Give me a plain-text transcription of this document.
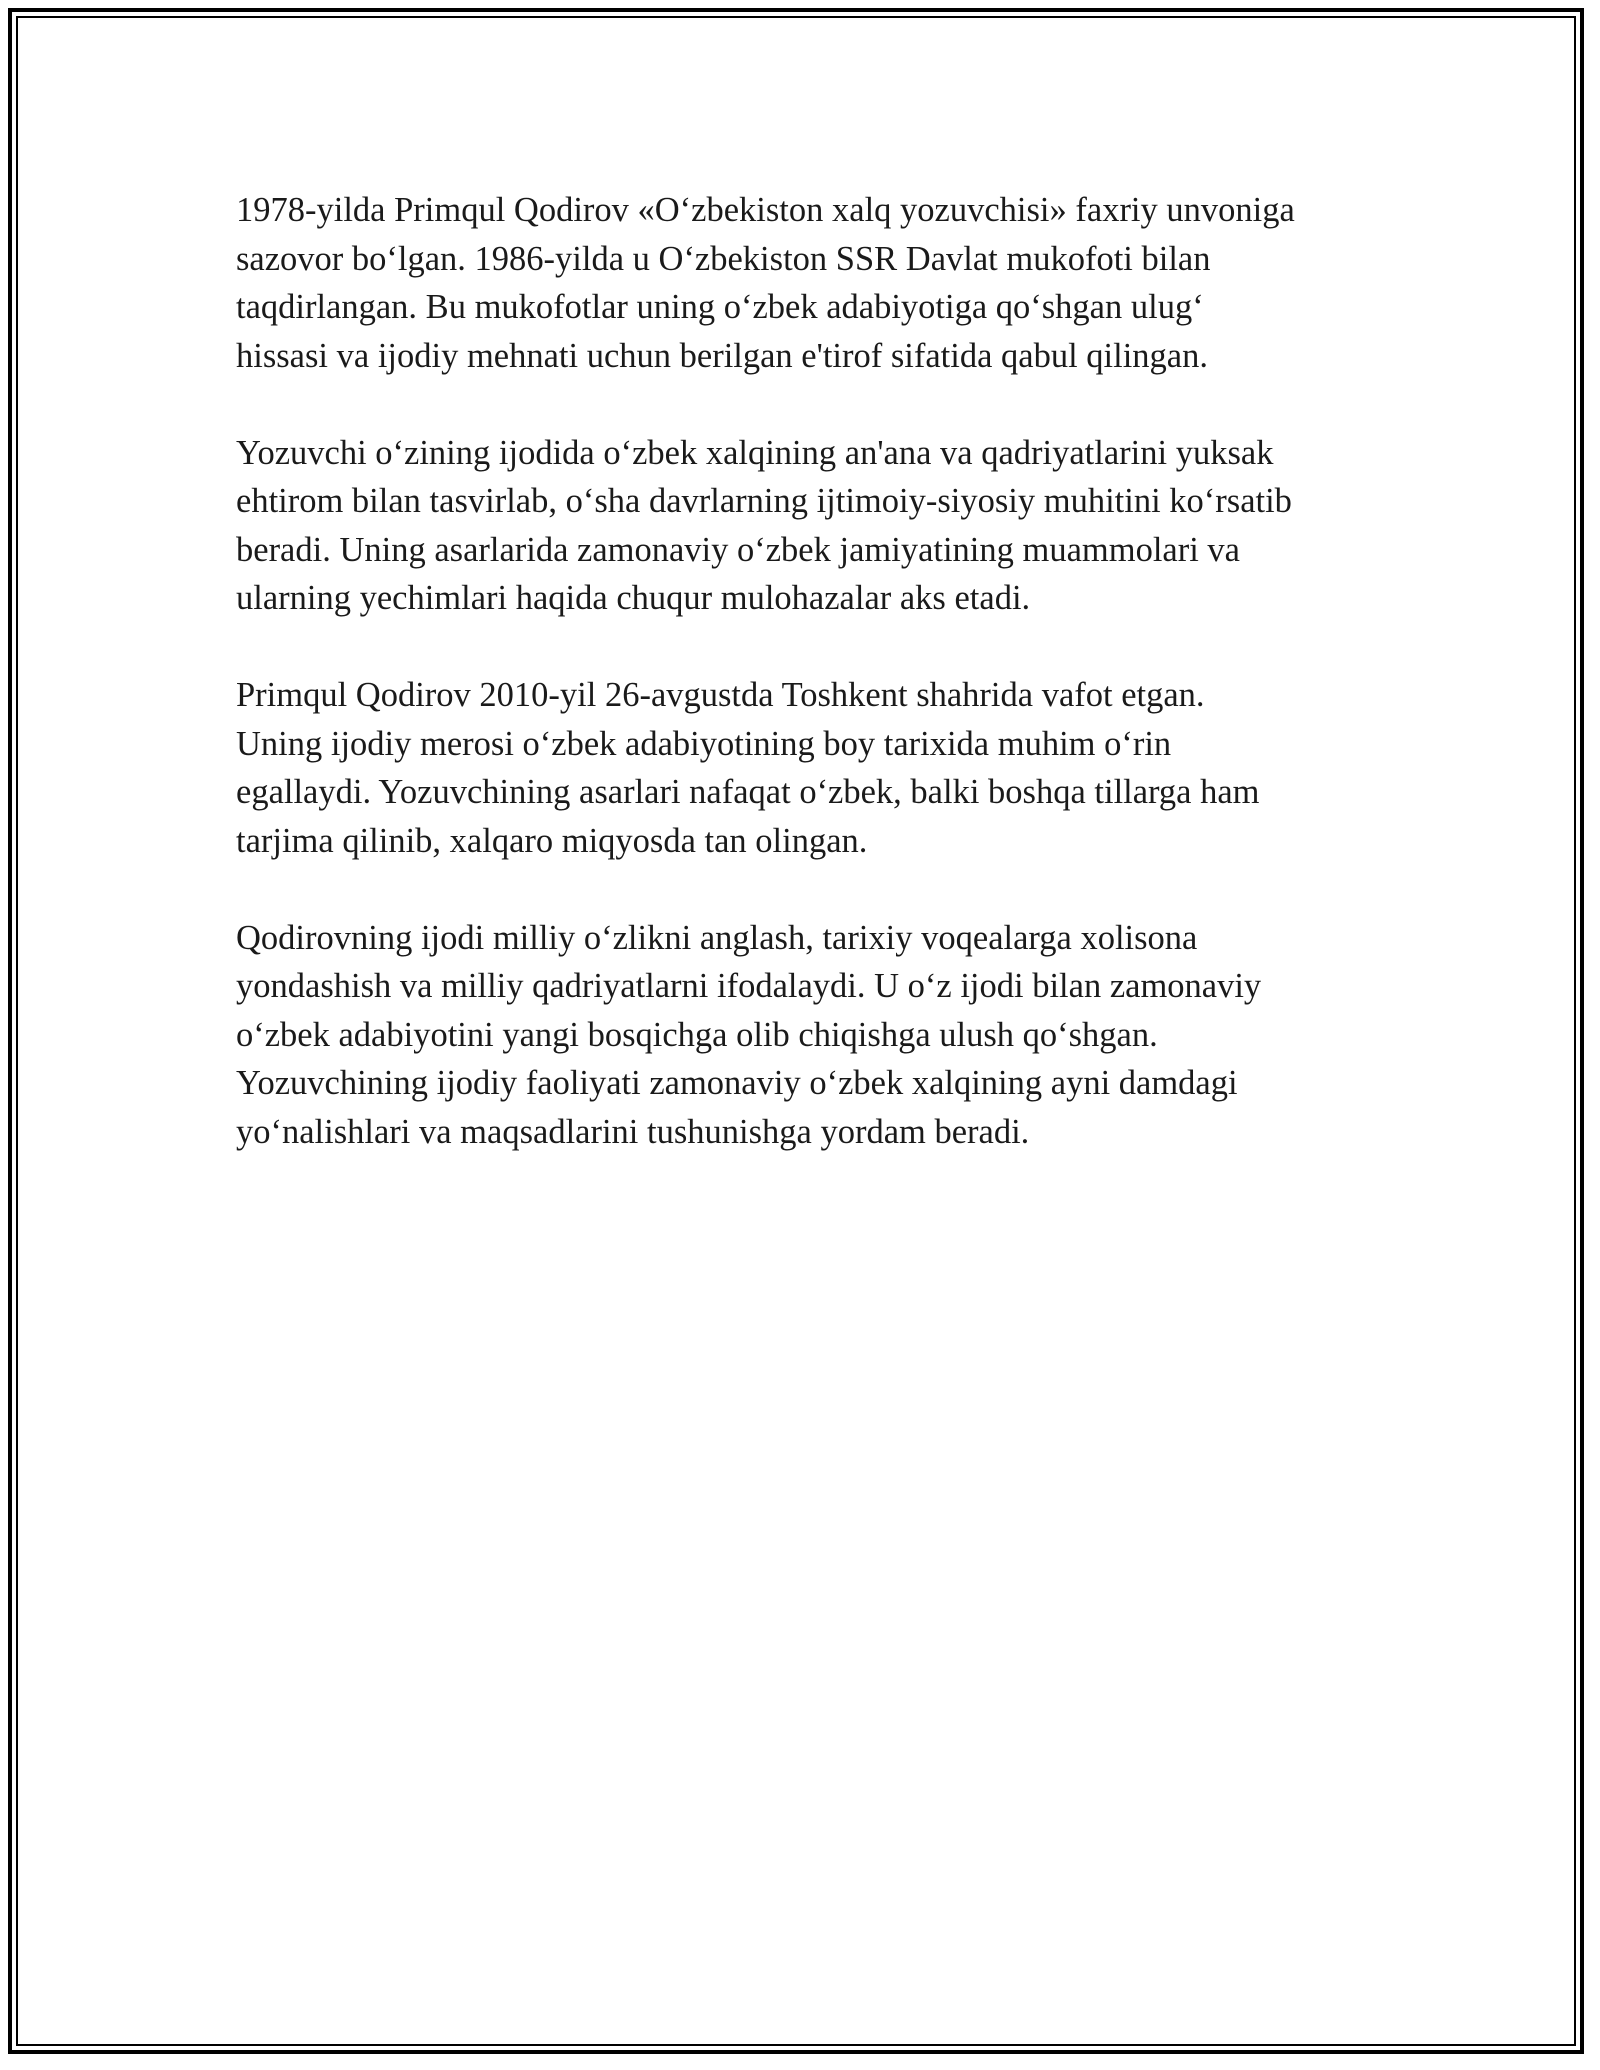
1978-yilda Primqul Qodirov «O‘zbekiston xalq yozuvchisi» faxriy unvoniga
sazovor bo‘lgan. 1986-yilda u O‘zbekiston SSR Davlat mukofoti bilan
taqdirlangan. Bu mukofotlar uning o‘zbek adabiyotiga qo‘shgan ulug‘
hissasi va ijodiy mehnati uchun berilgan e'tirof sifatida qabul qilingan.

Yozuvchi o‘zining ijodida o‘zbek xalqining an'ana va qadriyatlarini yuksak
ehtirom bilan tasvirlab, o‘sha davrlarning ijtimoiy-siyosiy muhitini ko‘rsatib
beradi. Uning asarlarida zamonaviy o‘zbek jamiyatining muammolari va
ularning yechimlari haqida chuqur mulohazalar aks etadi.

Primqul Qodirov 2010-yil 26-avgustda Toshkent shahrida vafot etgan.
Uning ijodiy merosi o‘zbek adabiyotining boy tarixida muhim o‘rin
egallaydi. Yozuvchining asarlari nafaqat o‘zbek, balki boshqa tillarga ham
tarjima qilinib, xalqaro miqyosda tan olingan.

Qodirovning ijodi milliy o‘zlikni anglash, tarixiy voqealarga xolisona
yondashish va milliy qadriyatlarni ifodalaydi. U o‘z ijodi bilan zamonaviy
o‘zbek adabiyotini yangi bosqichga olib chiqishga ulush qo‘shgan.
Yozuvchining ijodiy faoliyati zamonaviy o‘zbek xalqining ayni damdagi
yo‘nalishlari va maqsadlarini tushunishga yordam beradi.
